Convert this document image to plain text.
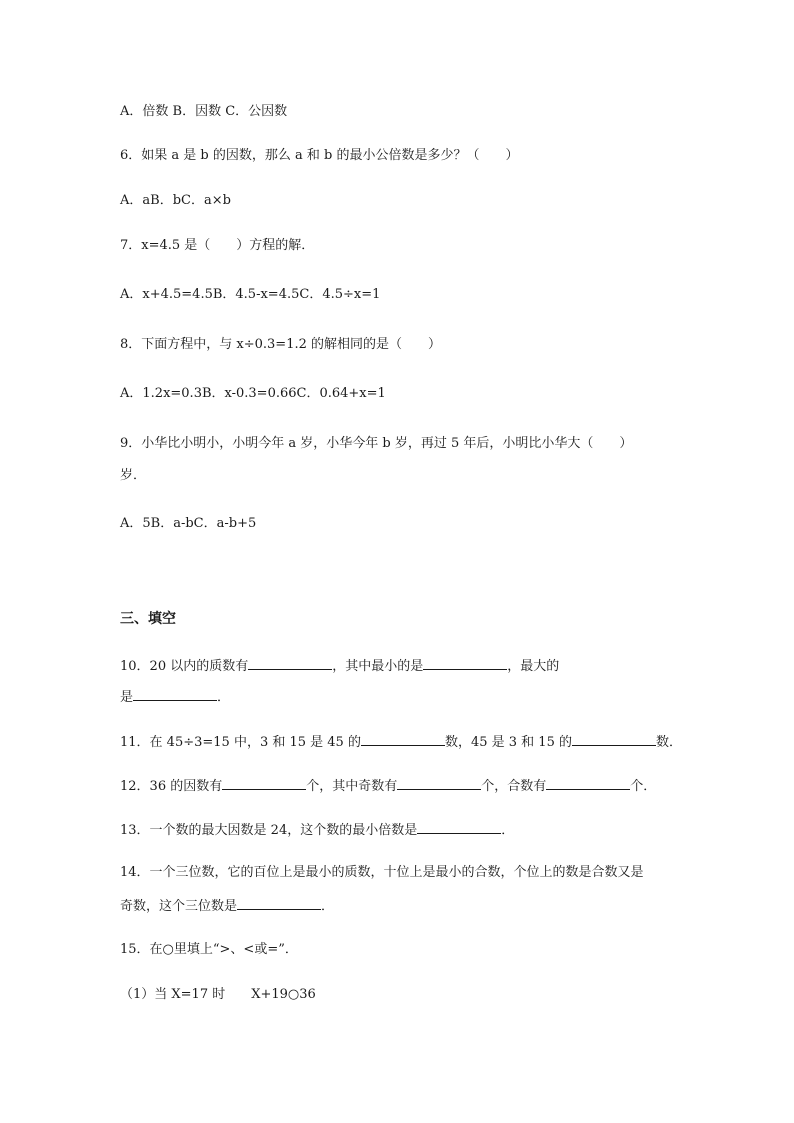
A．倍数 B．因数 C．公因数
6．如果 a 是 b 的因数，那么 a 和 b 的最小公倍数是多少？（　　）
A．aB．bC．a×b
7．x=4.5 是（　　）方程的解．
A．x+4.5=4.5B．4.5-x=4.5C．4.5÷x=1
8．下面方程中，与 x÷0.3=1.2 的解相同的是（　　）
A．1.2x=0.3B．x-0.3=0.66C．0.64+x=1
9．小华比小明小，小明今年 a 岁，小华今年 b 岁，再过 5 年后，小明比小华大（　　）
岁．
A．5B．a-bC．a-b+5
三、填空
10．20 以内的质数有	，其中最小的是	，最大的
是	．
11．在 45÷3=15 中，3 和 15 是 45 的	数，45 是 3 和 15 的	数．
12．36 的因数有	个，其中奇数有	个，合数有	个．
13．一个数的最大因数是 24，这个数的最小倍数是	．
14．一个三位数，它的百位上是最小的质数，十位上是最小的合数，个位上的数是合数又是
奇数，这个三位数是	．
15．在○里填上“>、<或=”．
（1）当 X=17 时　　X+19○36
